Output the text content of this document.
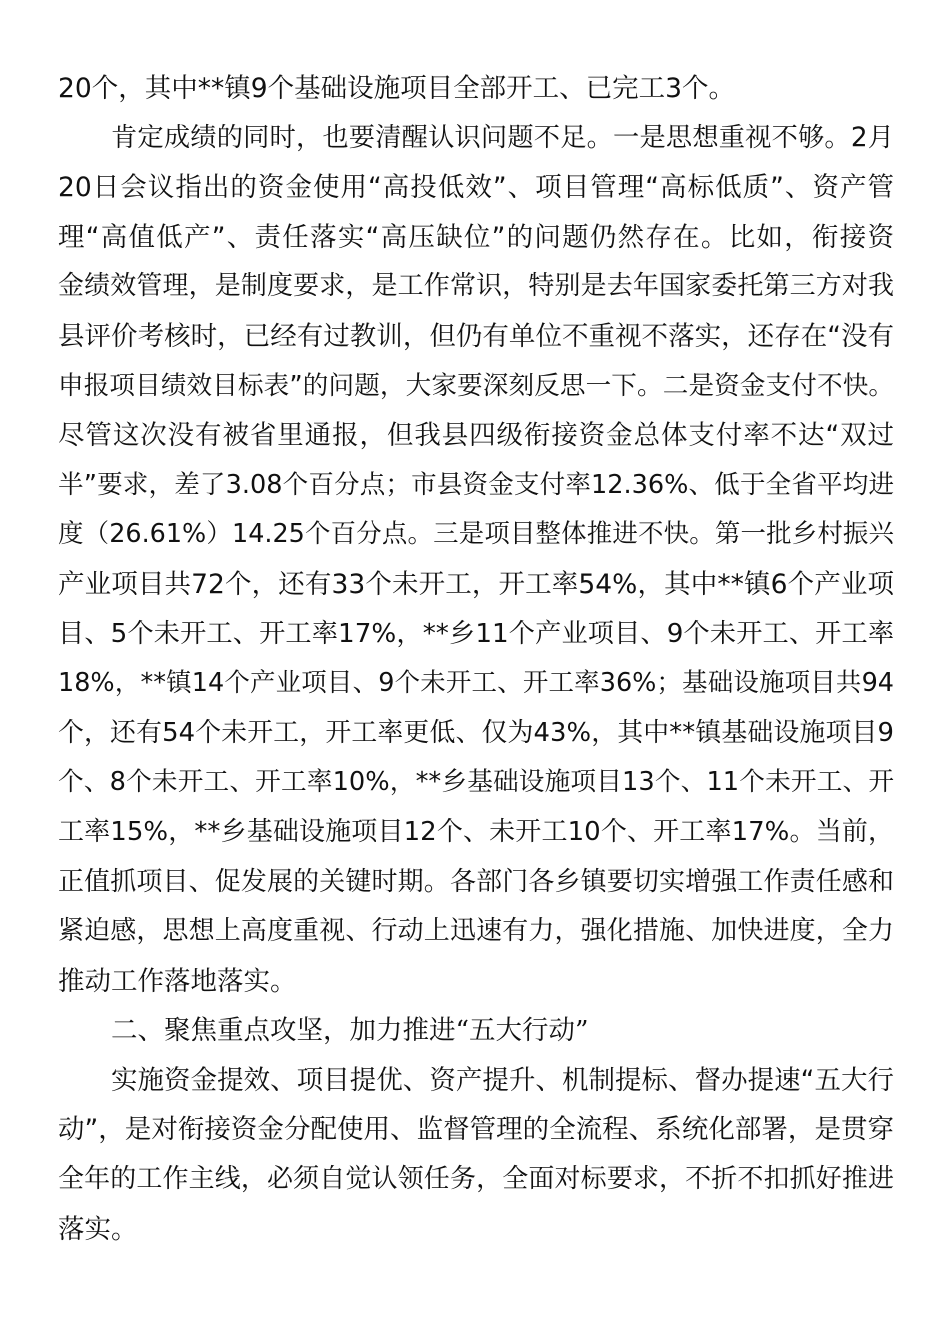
20个，其中**镇9个基础设施项目全部开工、已完工3个。
肯定成绩的同时，也要清醒认识问题不足。一是思想重视不够。2月
20日会议指出的资金使用“高投低效”、项目管理“高标低质”、资产管
理“高值低产”、责任落实“高压缺位”的问题仍然存在。比如，衔接资
金绩效管理，是制度要求，是工作常识，特别是去年国家委托第三方对我
县评价考核时，已经有过教训，但仍有单位不重视不落实，还存在“没有
申报项目绩效目标表”的问题，大家要深刻反思一下。二是资金支付不快。
尽管这次没有被省里通报，但我县四级衔接资金总体支付率不达“双过
半”要求，差了3.08个百分点；市县资金支付率12.36%、低于全省平均进
度（26.61%）14.25个百分点。三是项目整体推进不快。第一批乡村振兴
产业项目共72个，还有33个未开工，开工率54%，其中**镇6个产业项
目、5个未开工、开工率17%，**乡11个产业项目、9个未开工、开工率
18%，**镇14个产业项目、9个未开工、开工率36%；基础设施项目共94
个，还有54个未开工，开工率更低、仅为43%，其中**镇基础设施项目9
个、8个未开工、开工率10%，**乡基础设施项目13个、11个未开工、开
工率15%，**乡基础设施项目12个、未开工10个、开工率17%。当前，
正值抓项目、促发展的关键时期。各部门各乡镇要切实增强工作责任感和
紧迫感，思想上高度重视、行动上迅速有力，强化措施、加快进度，全力
推动工作落地落实。
二、聚焦重点攻坚，加力推进“五大行动”
实施资金提效、项目提优、资产提升、机制提标、督办提速“五大行
动”，是对衔接资金分配使用、监督管理的全流程、系统化部署，是贯穿
全年的工作主线，必须自觉认领任务，全面对标要求，不折不扣抓好推进
落实。
